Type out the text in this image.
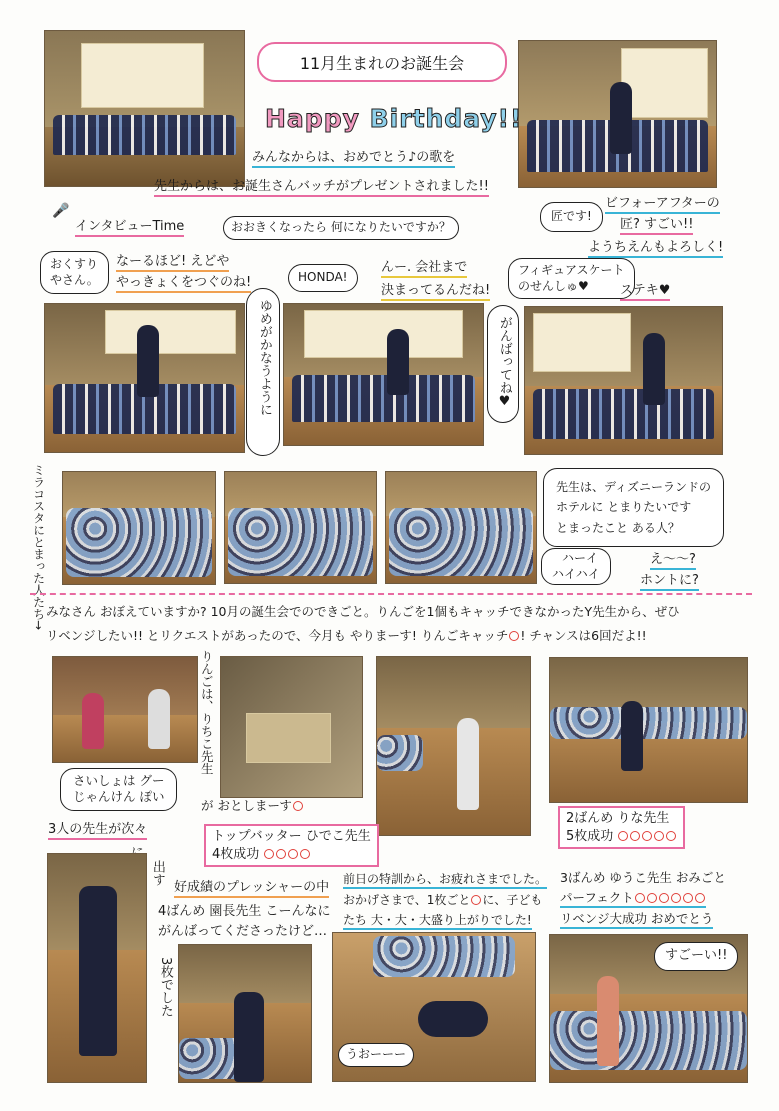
11月生まれのお誕生会
Happy Birthday!!
みんなからは、おめでとう♪の歌を
先生からは、お誕生さんバッチがプレゼントされました!!
🎤
インタビューTime	おおきくなったら 何になりたいですか？
匠です!
ビフォーアフターの
匠? すごい!!
ようちえんもよろしく!
おくすり
やさん。
なーるほど! えどや
やっきょくをつぐのね!	HONDA!
んー. 会社まで
決まってるんだね!
フィギュアスケート
のせんしゅ♥	ステキ♥
ゆめがかなうように	がんばってね♥
ミラコスタにとまった人たち→	先生は、ディズニーランドの
ホテルに とまりたいです
とまったこと ある人？
ハーイ
ハイハイ
え〜〜?
ホントに?
みなさん おぼえていますか? 10月の誕生会でのできごと。りんごを1個もキャッチできなかったY先生から、ぜひ
リベンジしたい!! とリクエストがあったので、今月も やりまーす! りんごキャッチ ! チャンスは6回だよ!!
さいしょは グー
じゃんけん ぽい
りんごは、りちこ先生
が おとしまーす
トップバッター ひでこ先生
4枚成功
2ばんめ りな先生
5枚成功
3人の先生が次々
出す
好成績のプレッシャーの中
4ばんめ 園長先生 こーんなに
がんばってくださったけど…
3枚でした
前日の特訓から、お疲れさまでした。
おかげさまで、1枚ごと に、子ども
たち 大・大・大盛り上がりでした!
うおーーー
3ばんめ ゆうこ先生 おみごと
パーフェクト
リベンジ大成功 おめでとう
すごーい!!
